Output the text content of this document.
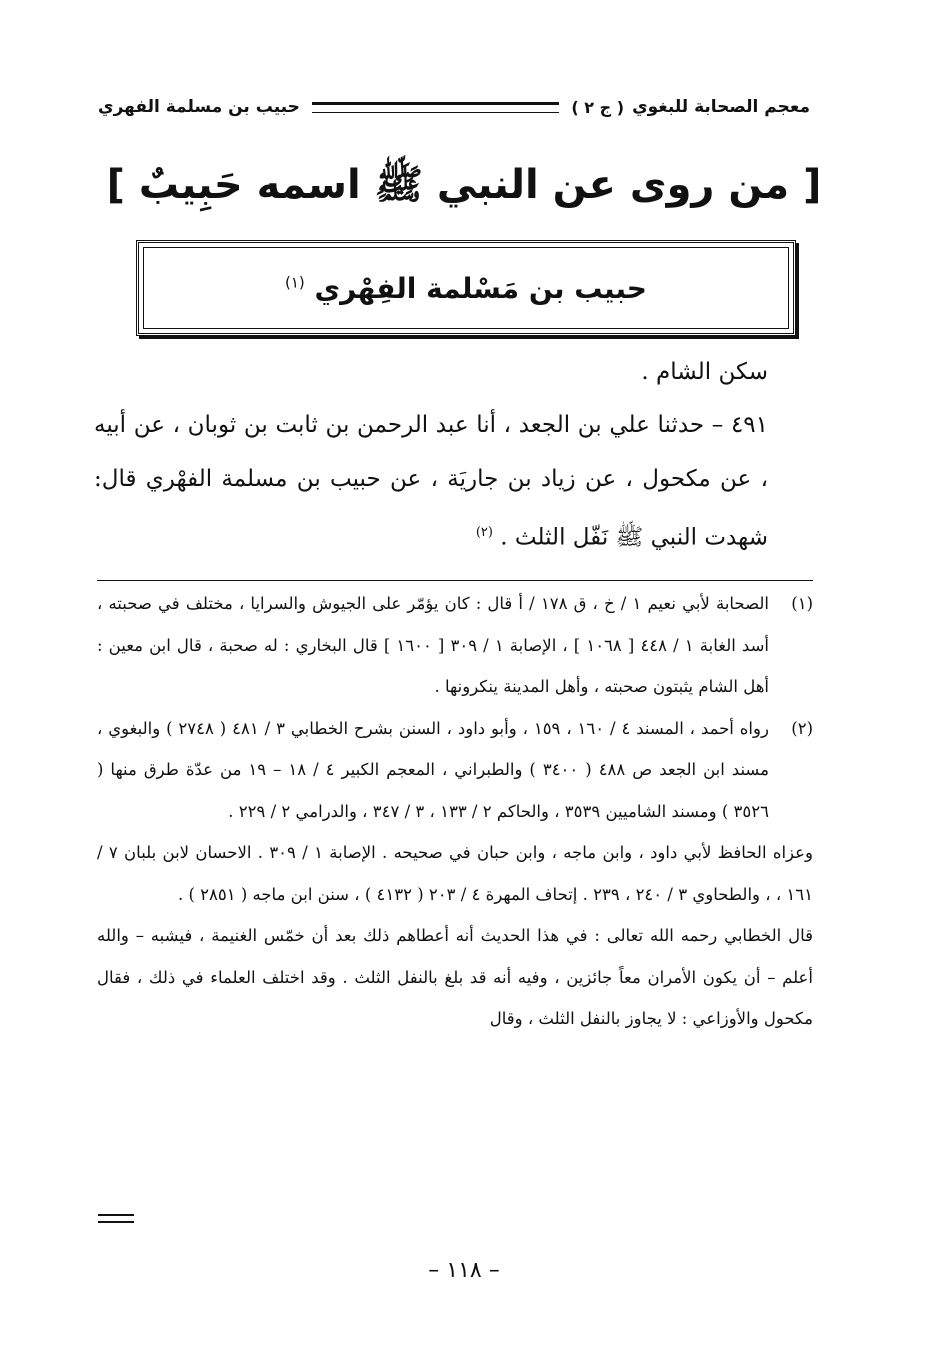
معجم الصحابة للبغوي
( ج ٢ )
حبيب بن مسلمة الفهري
[ من روى عن النبي ﷺ اسمه حَبِيبٌ ]
حبيب بن مَسْلمة الفِهْري $^{(١)}$
سكن الشام .
٤٩١ – حدثنا علي بن الجعد ، أنا عبد الرحمن بن ثابت بن ثوبان ، عن أبيه ، عن مكحول ، عن زياد بن جاريَة ، عن حبيب بن مسلمة الفهْري قال: شهدت النبي ﷺ نَفّل الثلث . $^{(٢)}$
(١)
الصحابة لأبي نعيم ١ / خ ، ق ١٧٨ / أ قال : كان يؤمّر على الجيوش والسرايا ، مختلف في صحبته ، أسد الغابة ١ / ٤٤٨ [ ١٠٦٨ ] ، الإصابة ١ / ٣٠٩ [ ١٦٠٠ ] قال البخاري : له صحبة ، قال ابن معين : أهل الشام يثبتون صحبته ، وأهل المدينة ينكرونها .
(٢)
رواه أحمد ، المسند ٤ / ١٦٠ ، ١٥٩ ، وأبو داود ، السنن بشرح الخطابي ٣ / ٤٨١ ( ٢٧٤٨ ) والبغوي ، مسند ابن الجعد ص ٤٨٨ ( ٣٤٠٠ ) والطبراني ، المعجم الكبير ٤ / ١٨ – ١٩ من عدّة طرق منها ( ٣٥٢٦ ) ومسند الشاميين ٣٥٣٩ ، والحاكم ٢ / ١٣٣ ، ٣ / ٣٤٧ ، والدرامي ٢ / ٢٢٩ .
وعزاه الحافظ لأبي داود ، وابن ماجه ، وابن حبان في صحيحه . الإصابة ١ / ٣٠٩ . الاحسان لابن بلبان ٧ / ١٦١ ، ، والطحاوي ٣ / ٢٤٠ ، ٢٣٩ . إتحاف المهرة ٤ / ٢٠٣ ( ٤١٣٢ ) ، سنن ابن ماجه ( ٢٨٥١ ) .
قال الخطابي رحمه الله تعالى : في هذا الحديث أنه أعطاهم ذلك بعد أن خمّس الغنيمة ، فيشبه – والله أعلم – أن يكون الأمران معاً جائزين ، وفيه أنه قد بلغ بالنفل الثلث . وقد اختلف العلماء في ذلك ، فقال مكحول والأوزاعي : لا يجاوز بالنفل الثلث ، وقال
– ١١٨ –
